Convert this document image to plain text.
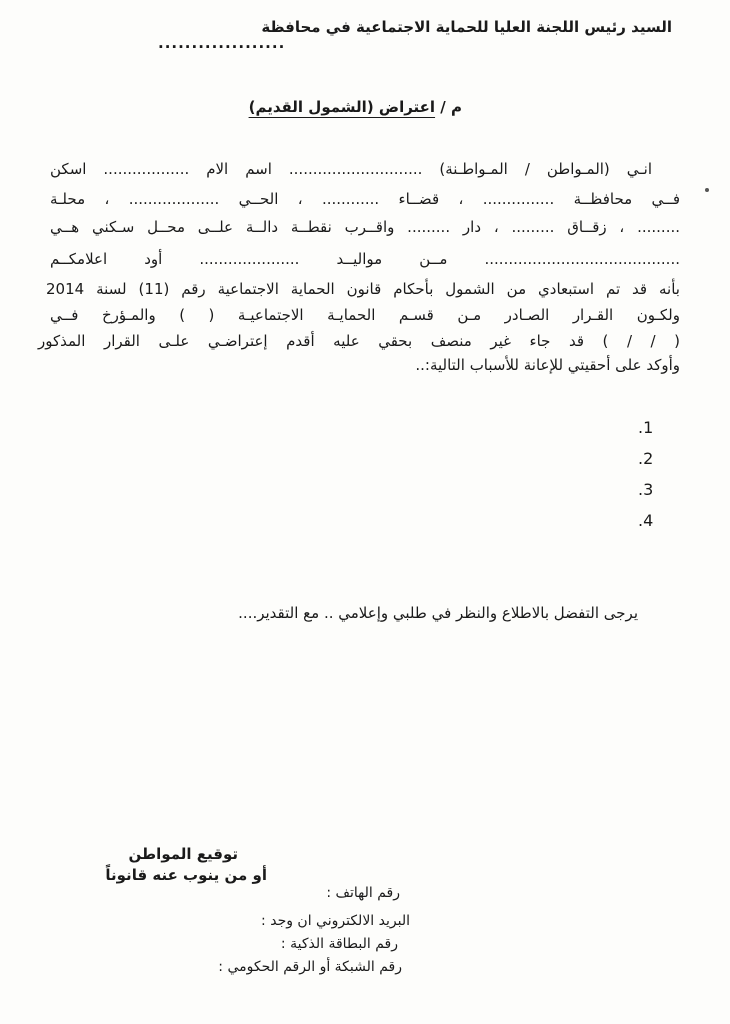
السيد رئيس اللجنة العليا للحماية الاجتماعية في محافظة
...................
م / اعتراض (الشمول القديم)
انـي (المـواطن / المـواطـنة) ............................ اسم الام .................. اسكن
فــي محافظــة ............... ، قضــاء ............ ، الحــي ................... ، محلـة
......... ، زقــاق ......... ، دار ......... واقــرب نقطــة دالــة علــى محــل سـكني هــي
......................................... مــن مواليــد ..................... أود اعلامكــم
بأنه قد تم استبعادي من الشمول بأحكام قانون الحماية الاجتماعية رقم (11) لسنة 2014
ولكـون القـرار الصـادر مـن قسـم الحمايـة الاجتماعيـة ( ) والمـؤرخ فــي
( / / ) قد جاء غير منصف بحقي عليه أقدم إعتراضـي علـى القرار المذكور
وأوكد على أحقيتي للإعانة للأسباب التالية:..
.1
.2
.3
.4
يرجى التفضل بالاطلاع والنظر في طلبي وإعلامي .. مع التقدير....
توقيع المواطن
أو من ينوب عنه قانوناً
رقم الهاتف :
البريد الالكتروني ان وجد :
رقم البطاقة الذكية :
رقم الشبكة أو الرقم الحكومي :
